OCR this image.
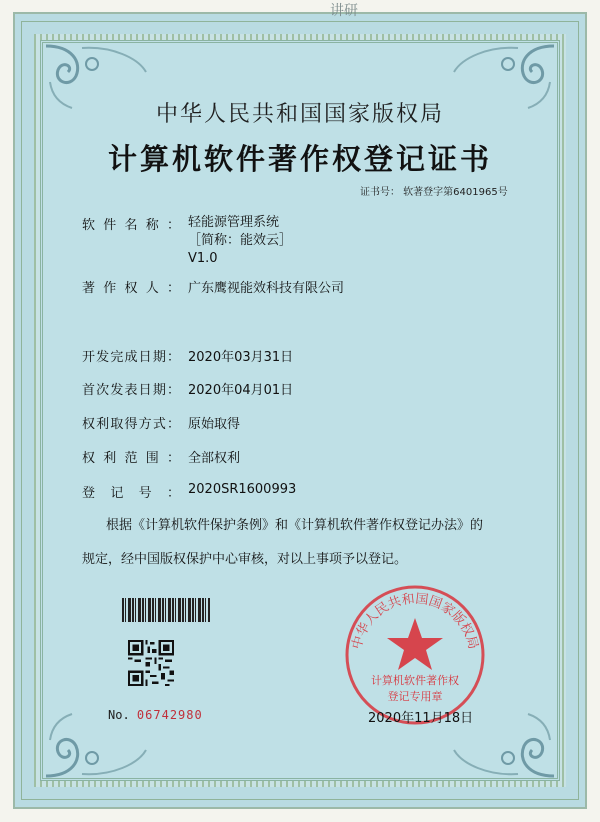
讲研
中华人民共和国国家版权局
计算机软件著作权登记证书
证书号： 软著登字第6401965号
软件名称： 轻能源管理系统
［简称：能效云］
V1.0
著作权人： 广东鹰视能效科技有限公司
开发完成日期： 2020年03月31日
首次发表日期： 2020年04月01日
权利取得方式： 原始取得
权利范围： 全部权利
登记号： 2020SR1600993
根据《计算机软件保护条例》和《计算机软件著作权登记办法》的
规定，经中国版权保护中心审核，对以上事项予以登记。
No. 06742980
中华人民共和国国家版权局
计算机软件著作权
登记专用章
2020年11月18日
